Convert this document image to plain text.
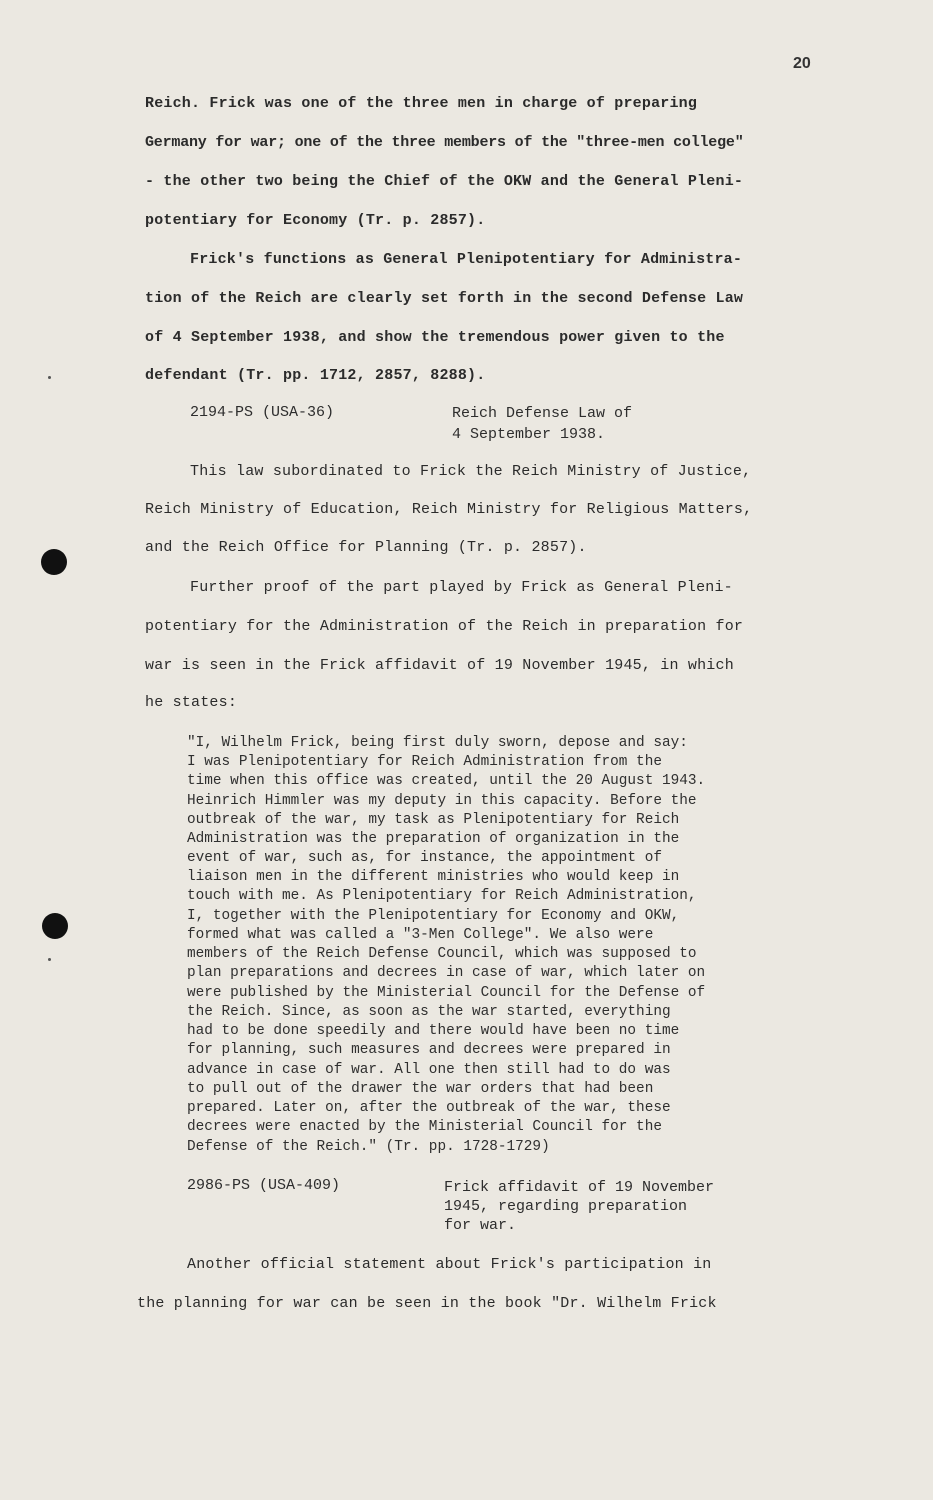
20
Reich. Frick was one of the three men in charge of preparing
Germany for war; one of the three members of the "three-men college"
- the other two being the Chief of the OKW and the General Pleni-
potentiary for Economy (Tr. p. 2857).
Frick's functions as General Plenipotentiary for Administra-
tion of the Reich are clearly set forth in the second Defense Law
of 4 September 1938, and show the tremendous power given to the
defendant (Tr. pp. 1712, 2857, 8288).
2194-PS (USA-36)	Reich Defense Law of
4 September 1938.
This law subordinated to Frick the Reich Ministry of Justice,
Reich Ministry of Education, Reich Ministry for Religious Matters,
and the Reich Office for Planning (Tr. p. 2857).
Further proof of the part played by Frick as General Pleni-
potentiary for the Administration of the Reich in preparation for
war is seen in the Frick affidavit of 19 November 1945, in which
he states:
"I, Wilhelm Frick, being first duly sworn, depose and say:
I was Plenipotentiary for Reich Administration from the
time when this office was created, until the 20 August 1943.
Heinrich Himmler was my deputy in this capacity. Before the
outbreak of the war, my task as Plenipotentiary for Reich
Administration was the preparation of organization in the
event of war, such as, for instance, the appointment of
liaison men in the different ministries who would keep in
touch with me. As Plenipotentiary for Reich Administration,
I, together with the Plenipotentiary for Economy and OKW,
formed what was called a "3-Men College". We also were
members of the Reich Defense Council, which was supposed to
plan preparations and decrees in case of war, which later on
were published by the Ministerial Council for the Defense of
the Reich. Since, as soon as the war started, everything
had to be done speedily and there would have been no time
for planning, such measures and decrees were prepared in
advance in case of war. All one then still had to do was
to pull out of the drawer the war orders that had been
prepared. Later on, after the outbreak of the war, these
decrees were enacted by the Ministerial Council for the
Defense of the Reich." (Tr. pp. 1728-1729)
2986-PS (USA-409)	Frick affidavit of 19 November
1945, regarding preparation
for war.
Another official statement about Frick's participation in
the planning for war can be seen in the book "Dr. Wilhelm Frick
